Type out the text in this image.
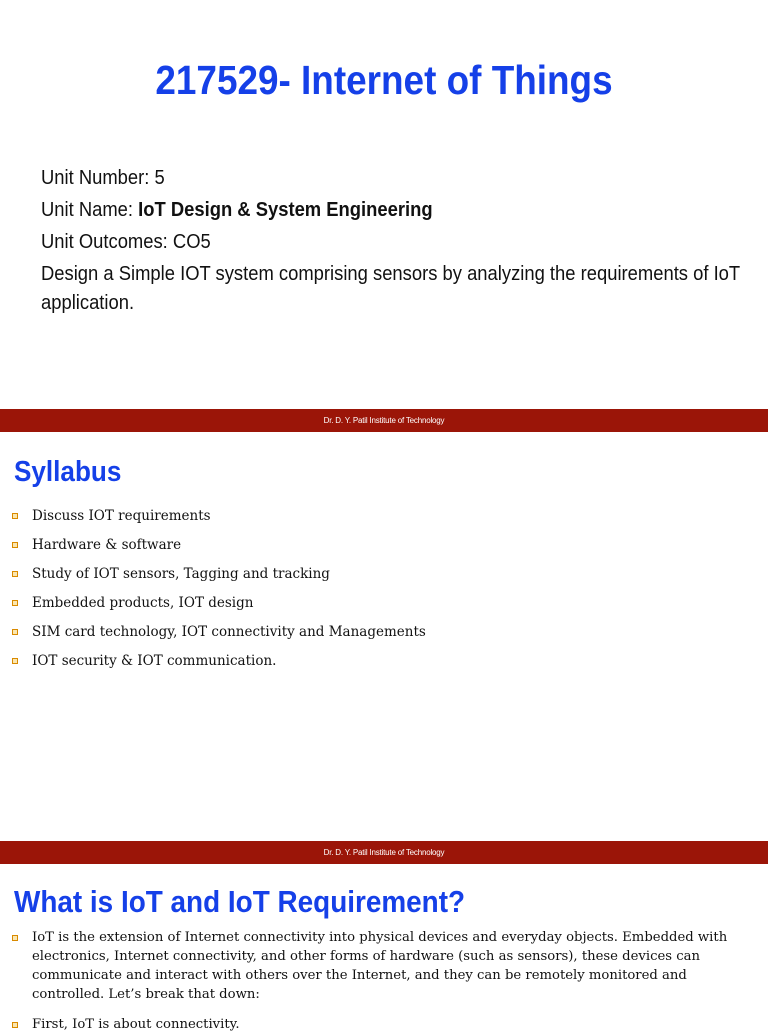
217529- Internet of Things
Unit Number: 5
Unit Name: IoT Design & System Engineering
Unit Outcomes: CO5
Design a Simple IOT system comprising sensors by analyzing the requirements of IoT application.
Dr. D. Y. Patil Institute of Technology
Syllabus
Discuss IOT requirements
Hardware & software
Study of IOT sensors, Tagging and tracking
Embedded products, IOT design
SIM card technology, IOT connectivity and Managements
IOT security & IOT communication.
Dr. D. Y. Patil Institute of Technology
What is IoT and IoT Requirement?
IoT is the extension of Internet connectivity into physical devices and everyday objects. Embedded with electronics, Internet connectivity, and other forms of hardware (such as sensors), these devices can communicate and interact with others over the Internet, and they can be remotely monitored and controlled. Let’s break that down:
First, IoT is about connectivity.
